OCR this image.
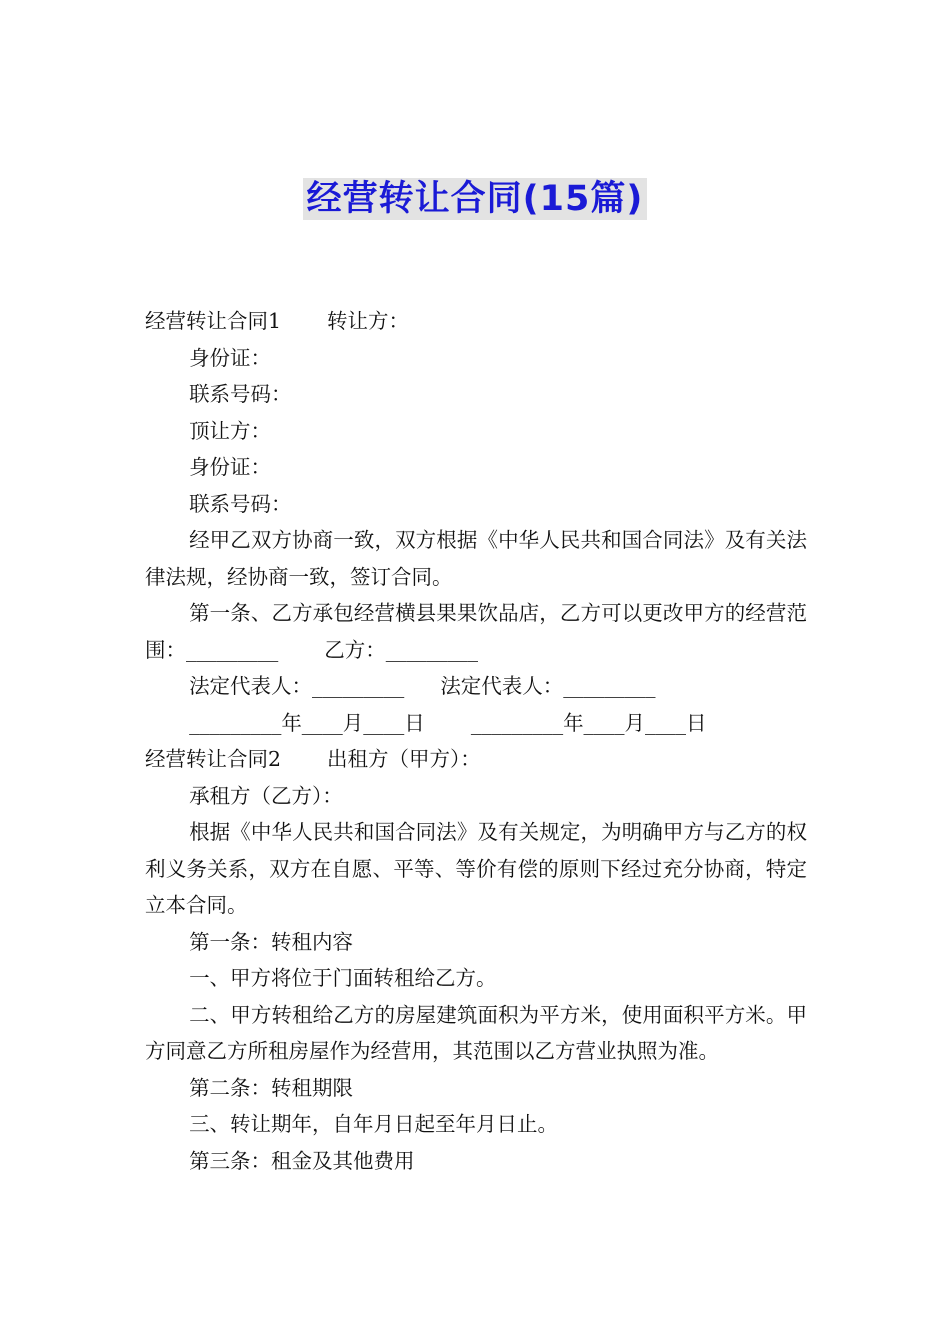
经营转让合同(15篇)

经营转让合同1 转让方：

身份证：

联系号码：

顶让方：

身份证：

联系号码：

经甲乙双方协商一致，双方根据《中华人民共和国合同法》及有关法律法规，经协商一致，签订合同。

第一条、乙方承包经营横县果果饮品店，乙方可以更改甲方的经营范围：_________ 乙方：_________

法定代表人：_________ 法定代表人：_________

_________年____月____日 _________年____月____日

经营转让合同2 出租方（甲方）：

承租方（乙方）：

根据《中华人民共和国合同法》及有关规定，为明确甲方与乙方的权利义务关系，双方在自愿、平等、等价有偿的原则下经过充分协商，特定立本合同。

第一条：转租内容

一、甲方将位于门面转租给乙方。

二、甲方转租给乙方的房屋建筑面积为平方米，使用面积平方米。甲方同意乙方所租房屋作为经营用，其范围以乙方营业执照为准。

第二条：转租期限

三、转让期年，自年月日起至年月日止。

第三条：租金及其他费用
